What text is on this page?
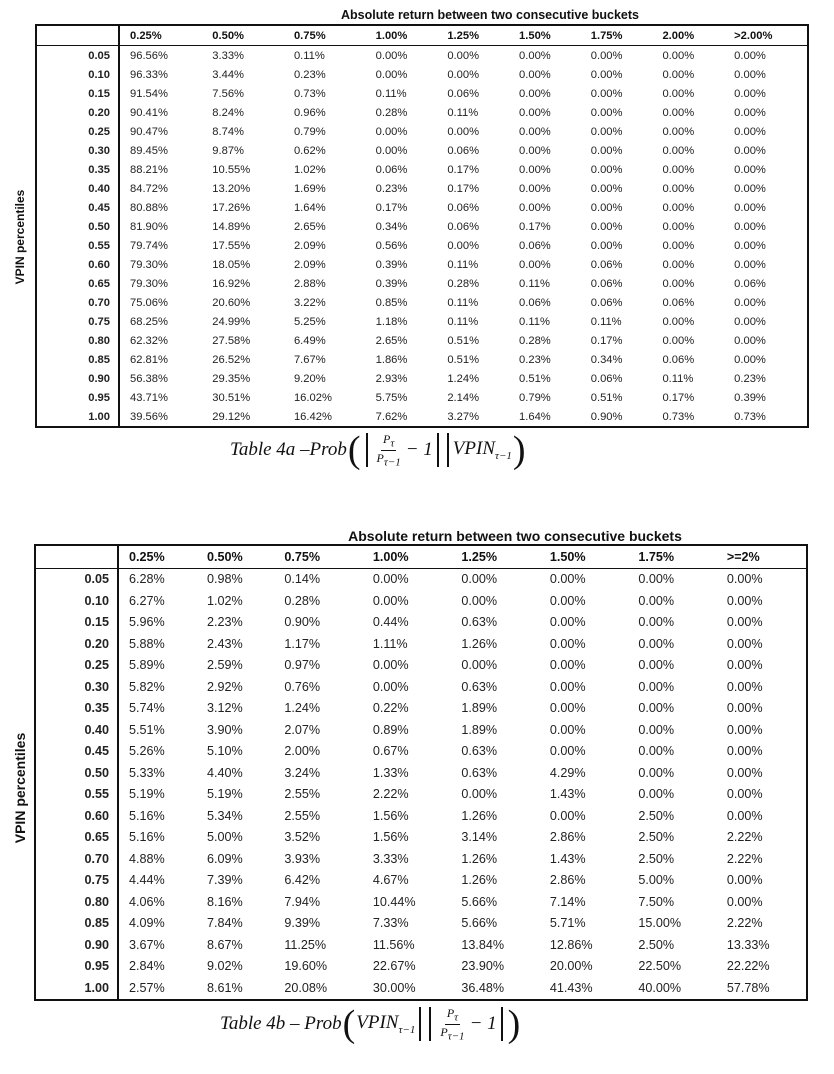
Absolute return between two consecutive buckets
VPIN percentiles
	0.25%	0.50%	0.75%	1.00%	1.25%	1.50%	1.75%	2.00%	>2.00%
0.05	96.56%	3.33%	0.11%	0.00%	0.00%	0.00%	0.00%	0.00%	0.00%
0.10	96.33%	3.44%	0.23%	0.00%	0.00%	0.00%	0.00%	0.00%	0.00%
0.15	91.54%	7.56%	0.73%	0.11%	0.06%	0.00%	0.00%	0.00%	0.00%
0.20	90.41%	8.24%	0.96%	0.28%	0.11%	0.00%	0.00%	0.00%	0.00%
0.25	90.47%	8.74%	0.79%	0.00%	0.00%	0.00%	0.00%	0.00%	0.00%
0.30	89.45%	9.87%	0.62%	0.00%	0.06%	0.00%	0.00%	0.00%	0.00%
0.35	88.21%	10.55%	1.02%	0.06%	0.17%	0.00%	0.00%	0.00%	0.00%
0.40	84.72%	13.20%	1.69%	0.23%	0.17%	0.00%	0.00%	0.00%	0.00%
0.45	80.88%	17.26%	1.64%	0.17%	0.06%	0.00%	0.00%	0.00%	0.00%
0.50	81.90%	14.89%	2.65%	0.34%	0.06%	0.17%	0.00%	0.00%	0.00%
0.55	79.74%	17.55%	2.09%	0.56%	0.00%	0.06%	0.00%	0.00%	0.00%
0.60	79.30%	18.05%	2.09%	0.39%	0.11%	0.00%	0.06%	0.00%	0.00%
0.65	79.30%	16.92%	2.88%	0.39%	0.28%	0.11%	0.06%	0.00%	0.06%
0.70	75.06%	20.60%	3.22%	0.85%	0.11%	0.06%	0.06%	0.06%	0.00%
0.75	68.25%	24.99%	5.25%	1.18%	0.11%	0.11%	0.11%	0.00%	0.00%
0.80	62.32%	27.58%	6.49%	2.65%	0.51%	0.28%	0.17%	0.00%	0.00%
0.85	62.81%	26.52%	7.67%	1.86%	0.51%	0.23%	0.34%	0.06%	0.00%
0.90	56.38%	29.35%	9.20%	2.93%	1.24%	0.51%	0.06%	0.11%	0.23%
0.95	43.71%	30.51%	16.02%	5.75%	2.14%	0.79%	0.51%	0.17%	0.39%
1.00	39.56%	29.12%	16.42%	7.62%	3.27%	1.64%	0.90%	0.73%	0.73%
Table 4a –Prob ( $\frac{P\tau}{P\tau-1} - 1$ $VPIN_{\tau-1}$ )
Absolute return between two consecutive buckets
VPIN percentiles
	0.25%	0.50%	0.75%	1.00%	1.25%	1.50%	1.75%	>=2%
0.05	6.28%	0.98%	0.14%	0.00%	0.00%	0.00%	0.00%	0.00%
0.10	6.27%	1.02%	0.28%	0.00%	0.00%	0.00%	0.00%	0.00%
0.15	5.96%	2.23%	0.90%	0.44%	0.63%	0.00%	0.00%	0.00%
0.20	5.88%	2.43%	1.17%	1.11%	1.26%	0.00%	0.00%	0.00%
0.25	5.89%	2.59%	0.97%	0.00%	0.00%	0.00%	0.00%	0.00%
0.30	5.82%	2.92%	0.76%	0.00%	0.63%	0.00%	0.00%	0.00%
0.35	5.74%	3.12%	1.24%	0.22%	1.89%	0.00%	0.00%	0.00%
0.40	5.51%	3.90%	2.07%	0.89%	1.89%	0.00%	0.00%	0.00%
0.45	5.26%	5.10%	2.00%	0.67%	0.63%	0.00%	0.00%	0.00%
0.50	5.33%	4.40%	3.24%	1.33%	0.63%	4.29%	0.00%	0.00%
0.55	5.19%	5.19%	2.55%	2.22%	0.00%	1.43%	0.00%	0.00%
0.60	5.16%	5.34%	2.55%	1.56%	1.26%	0.00%	2.50%	0.00%
0.65	5.16%	5.00%	3.52%	1.56%	3.14%	2.86%	2.50%	2.22%
0.70	4.88%	6.09%	3.93%	3.33%	1.26%	1.43%	2.50%	2.22%
0.75	4.44%	7.39%	6.42%	4.67%	1.26%	2.86%	5.00%	0.00%
0.80	4.06%	8.16%	7.94%	10.44%	5.66%	7.14%	7.50%	0.00%
0.85	4.09%	7.84%	9.39%	7.33%	5.66%	5.71%	15.00%	2.22%
0.90	3.67%	8.67%	11.25%	11.56%	13.84%	12.86%	2.50%	13.33%
0.95	2.84%	9.02%	19.60%	22.67%	23.90%	20.00%	22.50%	22.22%
1.00	2.57%	8.61%	20.08%	30.00%	36.48%	41.43%	40.00%	57.78%
Table 4b – Prob ( $VPIN_{\tau-1} \frac{P\tau}{P\tau-1} - 1$ )
